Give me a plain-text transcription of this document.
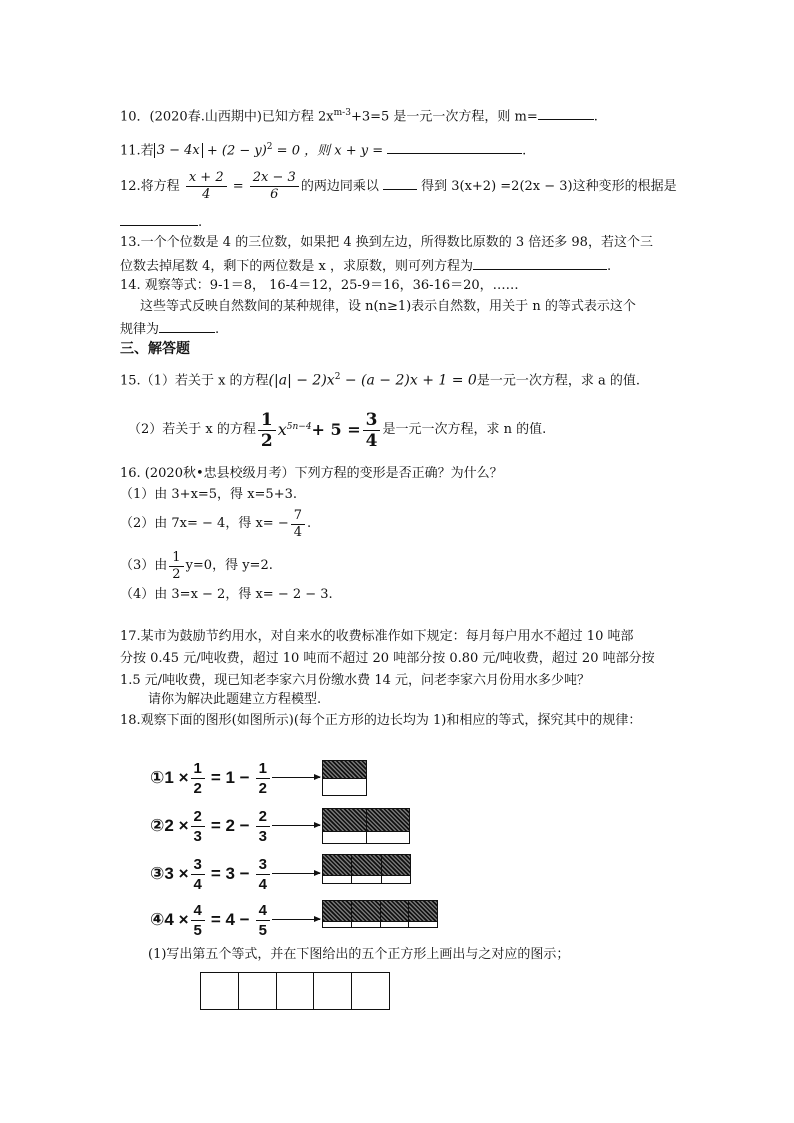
10．(2020春.山西期中)已知方程 $2x^{m-3}+3=5$ 是一元一次方程，则 m=	.
11.若 $3 - 4x + (2 - y)^2 = 0$ ，则 x + y =	.
12.将方程 $\frac{x + 2}{4} = \frac{2x - 3}{6}$ 的两边同乘以	得到 3(x+2) =2(2x − 3)这种变形的根据是
.
13.一个个位数是 4 的三位数，如果把 4 换到左边，所得数比原数的 3 倍还多 98，若这个三
位数去掉尾数 4，剩下的两位数是 x ，求原数，则可列方程为	.
14. 观察等式：9-1＝8， 16-4＝12，25-9＝16，36-16＝20，……
这些等式反映自然数间的某种规律，设 n(n≥1)表示自然数，用关于 n 的等式表示这个
规律为	.
三、解答题
15.（1）若关于 x 的方程$(|a| - 2)x^2 - (a - 2)x + 1 = 0$是一元一次方程，求 a 的值.
（2）若关于 x 的方程 $\frac{1}{2} x^{5n-4} + 5 = \frac{3}{4}$ 是一元一次方程，求 n 的值.
16. (2020秋•忠县校级月考）下列方程的变形是否正确？为什么？
（1）由 3+x=5，得 x=5+3.
（2）由 7x= − 4，得 $x= - \frac{7}{4}$ .
（3）由 $\frac{1}{2} y=0$，得 y=2.
（4）由 3=x − 2，得 x= − 2 − 3.
17.某市为鼓励节约用水，对自来水的收费标准作如下规定：每月每户用水不超过 10 吨部
分按 0.45 元/吨收费，超过 10 吨而不超过 20 吨部分按 0.80 元/吨收费，超过 20 吨部分按
1.5 元/吨收费，现已知老李家六月份缴水费 14 元，问老李家六月份用水多少吨？
请你为解决此题建立方程模型.
18.观察下面的图形(如图所示)(每个正方形的边长均为 1)和相应的等式，探究其中的规律：
①1 × $\frac{1}{2} = 1 - \frac{1}{2}$
②2 × $\frac{2}{3} = 2 - \frac{2}{3}$
③3 × $\frac{3}{4} = 3 - \frac{3}{4}$
④4 × $\frac{4}{5} = 4 - \frac{4}{5}$
(1)写出第五个等式，并在下图给出的五个正方形上画出与之对应的图示；
